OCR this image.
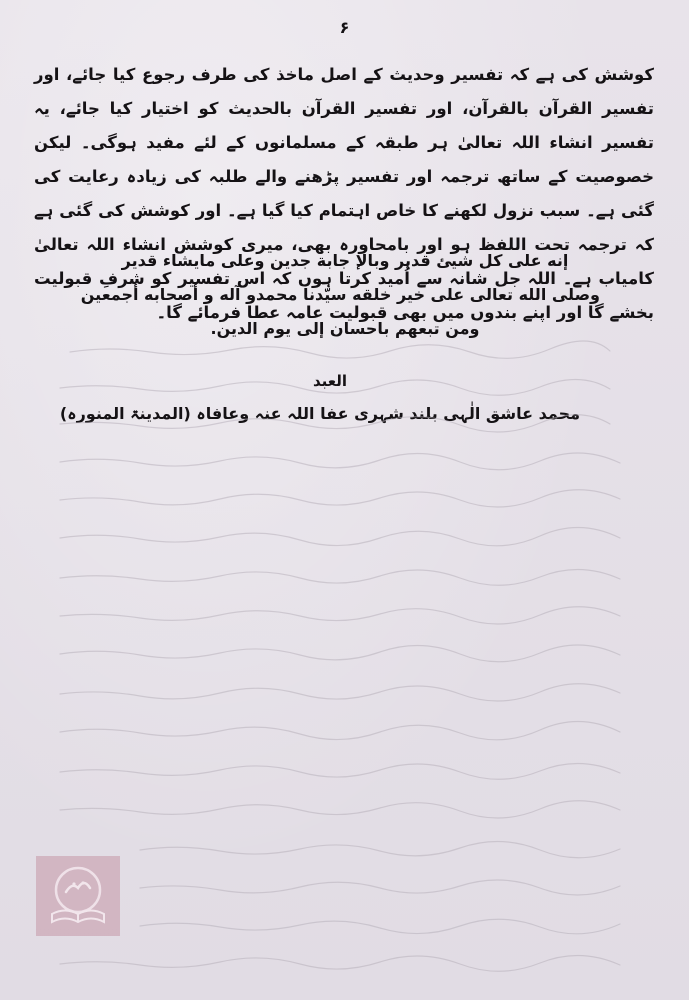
۶

کوشش کی ہے کہ تفسیر وحدیث کے اصل ماخذ کی طرف رجوع کیا جائے، اور تفسیر القرآن بالقرآن، اور تفسیر القرآن بالحدیث کو اختیار کیا جائے، یہ تفسیر انشاء اللہ تعالیٰ ہر طبقہ کے مسلمانوں کے لئے مفید ہوگی۔ لیکن خصوصیت کے ساتھ ترجمہ اور تفسیر پڑھنے والے طلبہ کی زیادہ رعایت کی گئی ہے۔ سبب نزول لکھنے کا خاص اہتمام کیا گیا ہے۔ اور کوشش کی گئی ہے کہ ترجمہ تحت اللفظ ہو اور بامحاورہ بھی، میری کوشش انشاء اللہ تعالیٰ کامیاب ہے۔ اللہ جل شانہ سے اُمید کرتا ہوں کہ اس تفسیر کو شرفِ قبولیت بخشے گا اور اپنے بندوں میں بھی قبولیت عامہ عطا فرمائے گا۔

إنه على كل شيئ قدير وبالإ جابة جدين وعلى مايشاء قدير
وصلى الله تعالى على خير خلقه سيّدنا محمدو آله و أصحابه أجمعين
ومن تبعهم باحسان إلى يوم الدين.
العبد
محمد عاشق الٰہی بلند شہری عفا اللہ عنہ وعافاہ (المدینۃ المنورہ)
